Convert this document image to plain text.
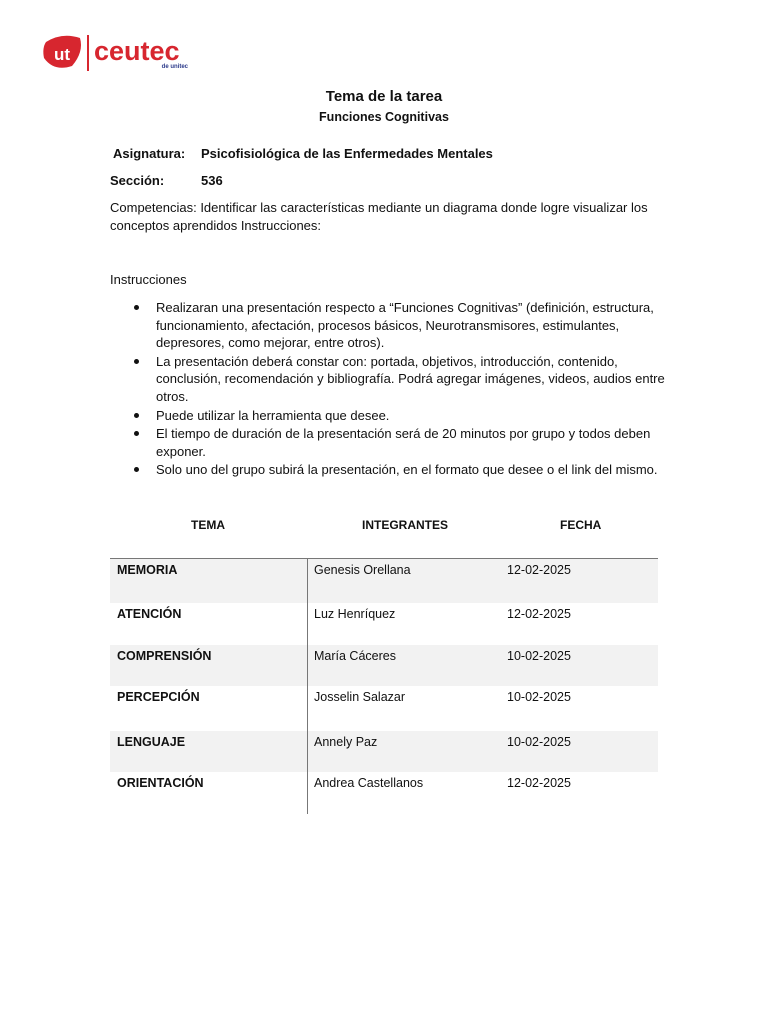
ut ceutec
de unitec
Tema de la tarea
Funciones Cognitivas
Asignatura: Psicofisiológica de las Enfermedades Mentales
Sección:	536
Competencias: Identificar las características mediante un diagrama donde logre visualizar los conceptos aprendidos Instrucciones:
Instrucciones
Realizaran una presentación respecto a “Funciones Cognitivas” (definición, estructura, funcionamiento, afectación, procesos básicos, Neurotransmisores, estimulantes, depresores, como mejorar, entre otros).
La presentación deberá constar con: portada, objetivos, introducción, contenido, conclusión, recomendación y bibliografía. Podrá agregar imágenes, videos, audios entre otros.
Puede utilizar la herramienta que desee.
El tiempo de duración de la presentación será de 20 minutos por grupo y todos deben exponer.
Solo uno del grupo subirá la presentación, en el formato que desee o el link del mismo.
TEMA	INTEGRANTES	FECHA
MEMORIA	Genesis Orellana	12-02-2025
ATENCIÓN	Luz Henríquez	12-02-2025
COMPRENSIÓN	María Cáceres	10-02-2025
PERCEPCIÓN	Josselin Salazar	10-02-2025
LENGUAJE	Annely Paz	10-02-2025
ORIENTACIÓN	Andrea Castellanos	12-02-2025
